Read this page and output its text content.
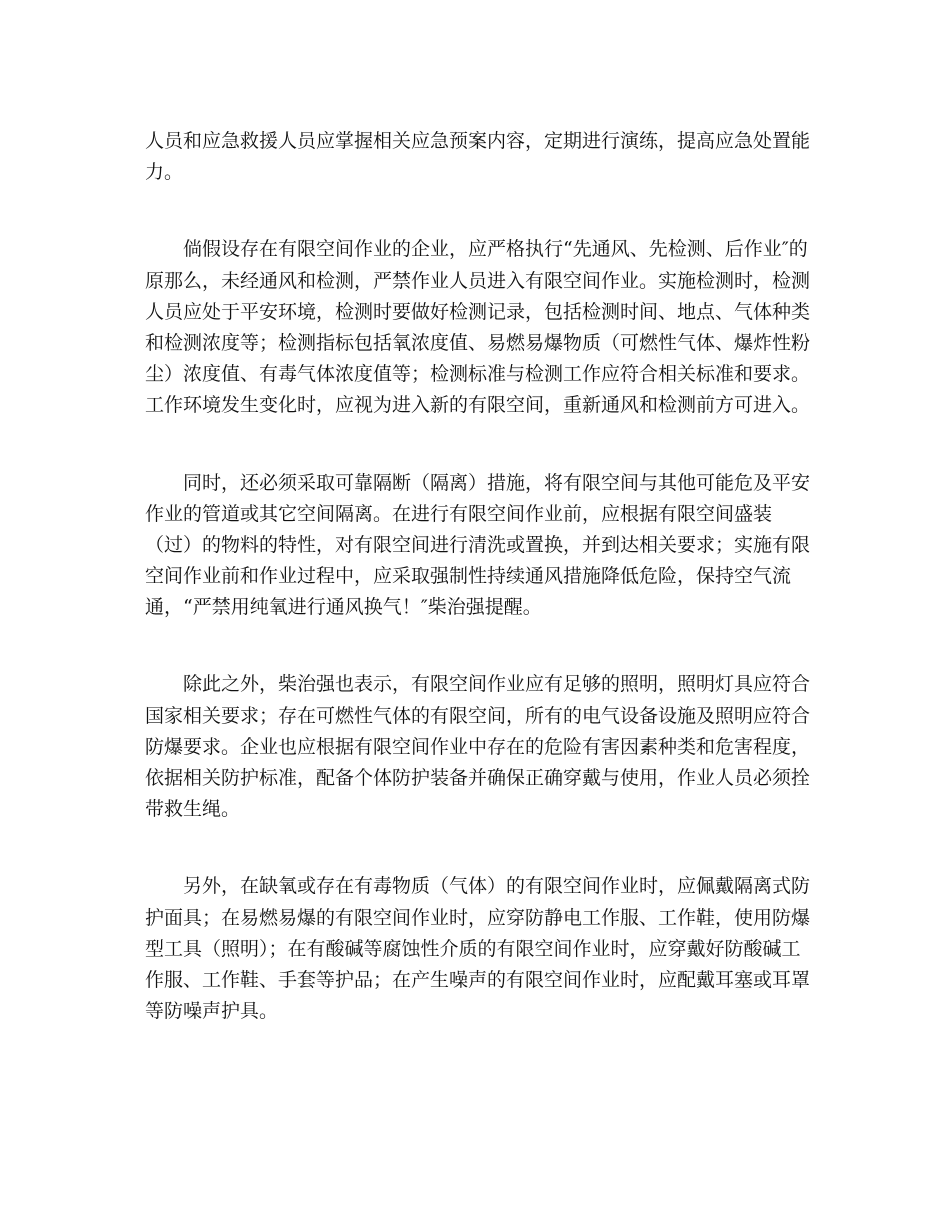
人员和应急救援人员应掌握相关应急预案内容，定期进行演练，提高应急处置能
力。
倘假设存在有限空间作业的企业，应严格执行“先通风、先检测、后作业″的
原那么，未经通风和检测，严禁作业人员进入有限空间作业。实施检测时，检测
人员应处于平安环境，检测时要做好检测记录，包括检测时间、地点、气体种类
和检测浓度等；检测指标包括氧浓度值、易燃易爆物质（可燃性气体、爆炸性粉
尘）浓度值、有毒气体浓度值等；检测标准与检测工作应符合相关标准和要求。
工作环境发生变化时，应视为进入新的有限空间，重新通风和检测前方可进入。
同时，还必须采取可靠隔断（隔离）措施，将有限空间与其他可能危及平安
作业的管道或其它空间隔离。在进行有限空间作业前，应根据有限空间盛装
（过）的物料的特性，对有限空间进行清洗或置换，并到达相关要求；实施有限
空间作业前和作业过程中，应采取强制性持续通风措施降低危险，保持空气流
通，“严禁用纯氧进行通风换气！″柴治强提醒。
除此之外，柴治强也表示，有限空间作业应有足够的照明，照明灯具应符合
国家相关要求；存在可燃性气体的有限空间，所有的电气设备设施及照明应符合
防爆要求。企业也应根据有限空间作业中存在的危险有害因素种类和危害程度，
依据相关防护标准，配备个体防护装备并确保正确穿戴与使用，作业人员必须拴
带救生绳。
另外，在缺氧或存在有毒物质（气体）的有限空间作业时，应佩戴隔离式防
护面具；在易燃易爆的有限空间作业时，应穿防静电工作服、工作鞋，使用防爆
型工具（照明）；在有酸碱等腐蚀性介质的有限空间作业时，应穿戴好防酸碱工
作服、工作鞋、手套等护品；在产生噪声的有限空间作业时，应配戴耳塞或耳罩
等防噪声护具。
